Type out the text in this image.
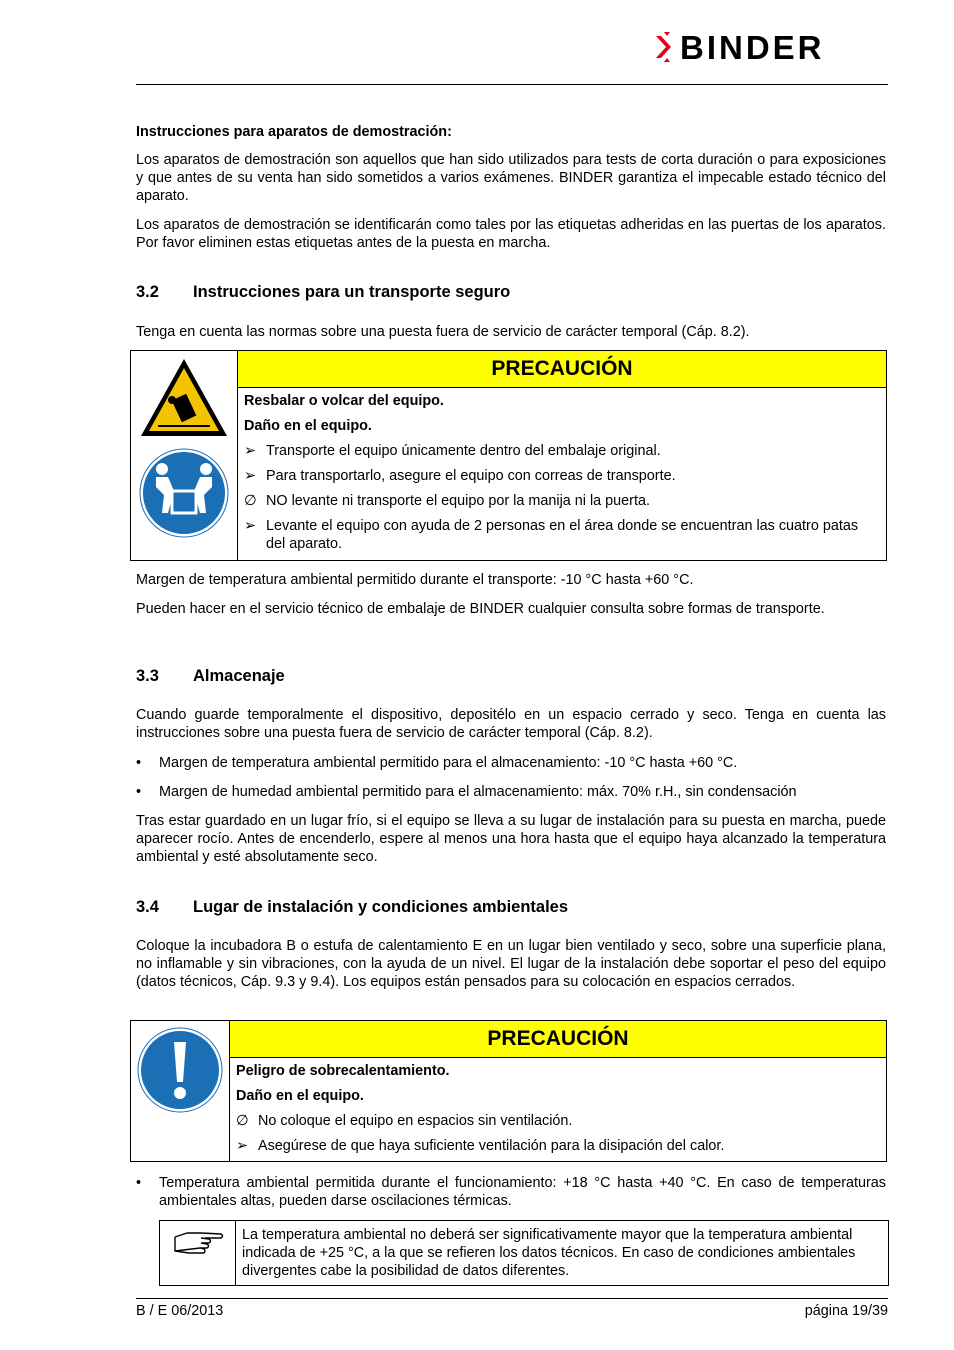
BINDER

Instrucciones para aparatos de demostración:

Los aparatos de demostración son aquellos que han sido utilizados para tests de corta duración o para exposiciones y que antes de su venta han sido sometidos a varios exámenes. BINDER garantiza el impecable estado técnico del aparato.

Los aparatos de demostración se identificarán como tales por las etiquetas adheridas en las puertas de los aparatos. Por favor eliminen estas etiquetas antes de la puesta en marcha.

3.2 Instrucciones para un transporte seguro

Tenga en cuenta las normas sobre una puesta fuera de servicio de carácter temporal (Cáp. 8.2).

PRECAUCIÓN

Resbalar o volcar del equipo.

Daño en el equipo.

➢ Transporte el equipo únicamente dentro del embalaje original.
➢ Para transportarlo, asegure el equipo con correas de transporte.
∅ NO levante ni transporte el equipo por la manija ni la puerta.
➢ Levante el equipo con ayuda de 2 personas en el área donde se encuentran las cuatro patas del aparato.

Margen de temperatura ambiental permitido durante el transporte: -10 °C hasta +60 °C.

Pueden hacer en el servicio técnico de embalaje de BINDER cualquier consulta sobre formas de transporte.

3.3 Almacenaje

Cuando guarde temporalmente el dispositivo, depositélo en un espacio cerrado y seco. Tenga en cuenta las instrucciones sobre una puesta fuera de servicio de carácter temporal (Cáp. 8.2).

•	Margen de temperatura ambiental permitido para el almacenamiento: -10 °C hasta +60 °C.
•	Margen de humedad ambiental permitido para el almacenamiento: máx. 70% r.H., sin condensación

Tras estar guardado en un lugar frío, si el equipo se lleva a su lugar de instalación para su puesta en marcha, puede aparecer rocío. Antes de encenderlo, espere al menos una hora hasta que el equipo haya alcanzado la temperatura ambiental y esté absolutamente seco.

3.4 Lugar de instalación y condiciones ambientales

Coloque la incubadora B o estufa de calentamiento E en un lugar bien ventilado y seco, sobre una superficie plana, no inflamable y sin vibraciones, con la ayuda de un nivel. El lugar de la instalación debe soportar el peso del equipo (datos técnicos, Cáp. 9.3 y 9.4). Los equipos están pensados para su colocación en espacios cerrados.

PRECAUCIÓN

Peligro de sobrecalentamiento.

Daño en el equipo.

∅ No coloque el equipo en espacios sin ventilación.
➢ Asegúrese de que haya suficiente ventilación para la disipación del calor.
•	Temperatura ambiental permitida durante el funcionamiento: +18 °C hasta +40 °C. En caso de temperaturas ambientales altas, pueden darse oscilaciones térmicas.
	La temperatura ambiental no deberá ser significativamente mayor que la temperatura ambiental indicada de +25 °C, a la que se refieren los datos técnicos. En caso de condiciones ambientales divergentes cabe la posibilidad de datos diferentes.
B / E 06/2013	página 19/39
